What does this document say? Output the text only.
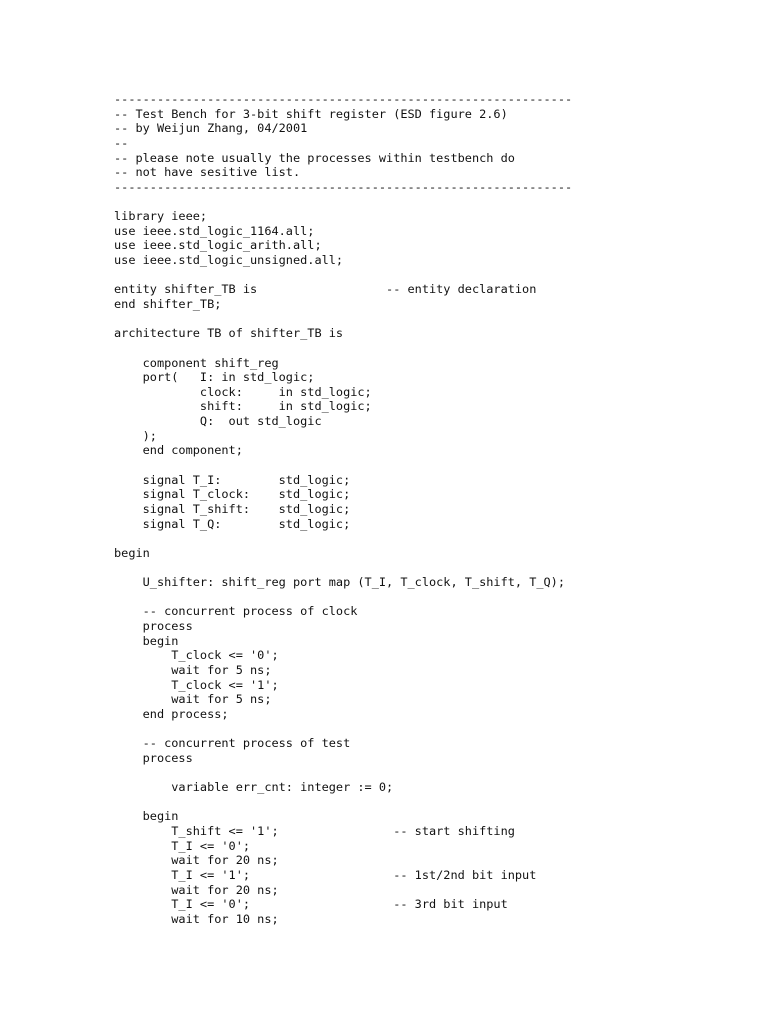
----------------------------------------------------------------
-- Test Bench for 3-bit shift register (ESD figure 2.6)
-- by Weijun Zhang, 04/2001
--
-- please note usually the processes within testbench do
-- not have sesitive list.
----------------------------------------------------------------
library ieee;
use ieee.std_logic_1164.all;
use ieee.std_logic_arith.all;
use ieee.std_logic_unsigned.all;
entity shifter_TB is                  -- entity declaration
end shifter_TB;
architecture TB of shifter_TB is
component shift_reg
port(   I: in std_logic;
clock:     in std_logic;
shift:     in std_logic;
Q:  out std_logic
);
end component;
signal T_I:        std_logic;
signal T_clock:    std_logic;
signal T_shift:    std_logic;
signal T_Q:        std_logic;
begin
U_shifter: shift_reg port map (T_I, T_clock, T_shift, T_Q);
-- concurrent process of clock
process
begin
T_clock <= '0';
wait for 5 ns;
T_clock <= '1';
wait for 5 ns;
end process;
-- concurrent process of test
process
variable err_cnt: integer := 0;
begin
T_shift <= '1';                -- start shifting
T_I <= '0';
wait for 20 ns;
T_I <= '1';                    -- 1st/2nd bit input
wait for 20 ns;
T_I <= '0';                    -- 3rd bit input
wait for 10 ns;
